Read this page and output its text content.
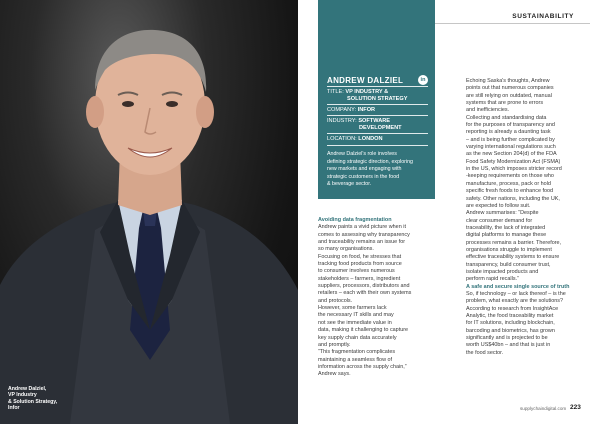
Andrew Dalziel,
VP Industry
& Solution Strategy,
Infor
SUSTAINABILITY
ANDREW DALZIEL	in
TITLE: VP INDUSTRY &
SOLUTION STRATEGY
COMPANY: INFOR
INDUSTRY: SOFTWARE
DEVELOPMENT
LOCATION: LONDON
Andrew Dalziel's role involves
defining strategic direction, exploring
new markets and engaging with
strategic customers in the food
& beverage sector.
Avoiding data fragmentation
Andrew paints a vivid picture when it
comes to assessing why transparency
and traceability remains an issue for
so many organisations.
Focusing on food, he stresses that
tracking food products from source
to consumer involves numerous
stakeholders – farmers, ingredient
suppliers, processors, distributors and
retailers – each with their own systems
and protocols.
However, some farmers lack
the necessary IT skills and may
not see the immediate value in
data, making it challenging to capture
key supply chain data accurately
and promptly.
“This fragmentation complicates
maintaining a seamless flow of
information across the supply chain,”
Andrew says.
Echoing Saska's thoughts, Andrew
points out that numerous companies
are still relying on outdated, manual
systems that are prone to errors
and inefficiencies.
Collecting and standardising data
for the purposes of transparency and
reporting is already a daunting task
– and is being further complicated by
varying international regulations such
as the new Section 204(d) of the FDA
Food Safety Modernization Act (FSMA)
in the US, which imposes stricter record
-keeping requirements on those who
manufacture, process, pack or hold
specific fresh foods to enhance food
safety. Other nations, including the UK,
are expected to follow suit.
Andrew summarises: “Despite
clear consumer demand for
traceability, the lack of integrated
digital platforms to manage these
processes remains a barrier. Therefore,
organisations struggle to implement
effective traceability systems to ensure
transparency, build consumer trust,
isolate impacted products and
perform rapid recalls.”
A safe and secure single source of truth
So, if technology – or lack thereof – is the
problem, what exactly are the solutions?
According to research from InsightAce
Analytic, the food traceability market
for IT solutions, including blockchain,
barcoding and biometrics, has grown
significantly and is projected to be
worth US$40bn – and that is just in
the food sector.
supplychaindigital.com 223
